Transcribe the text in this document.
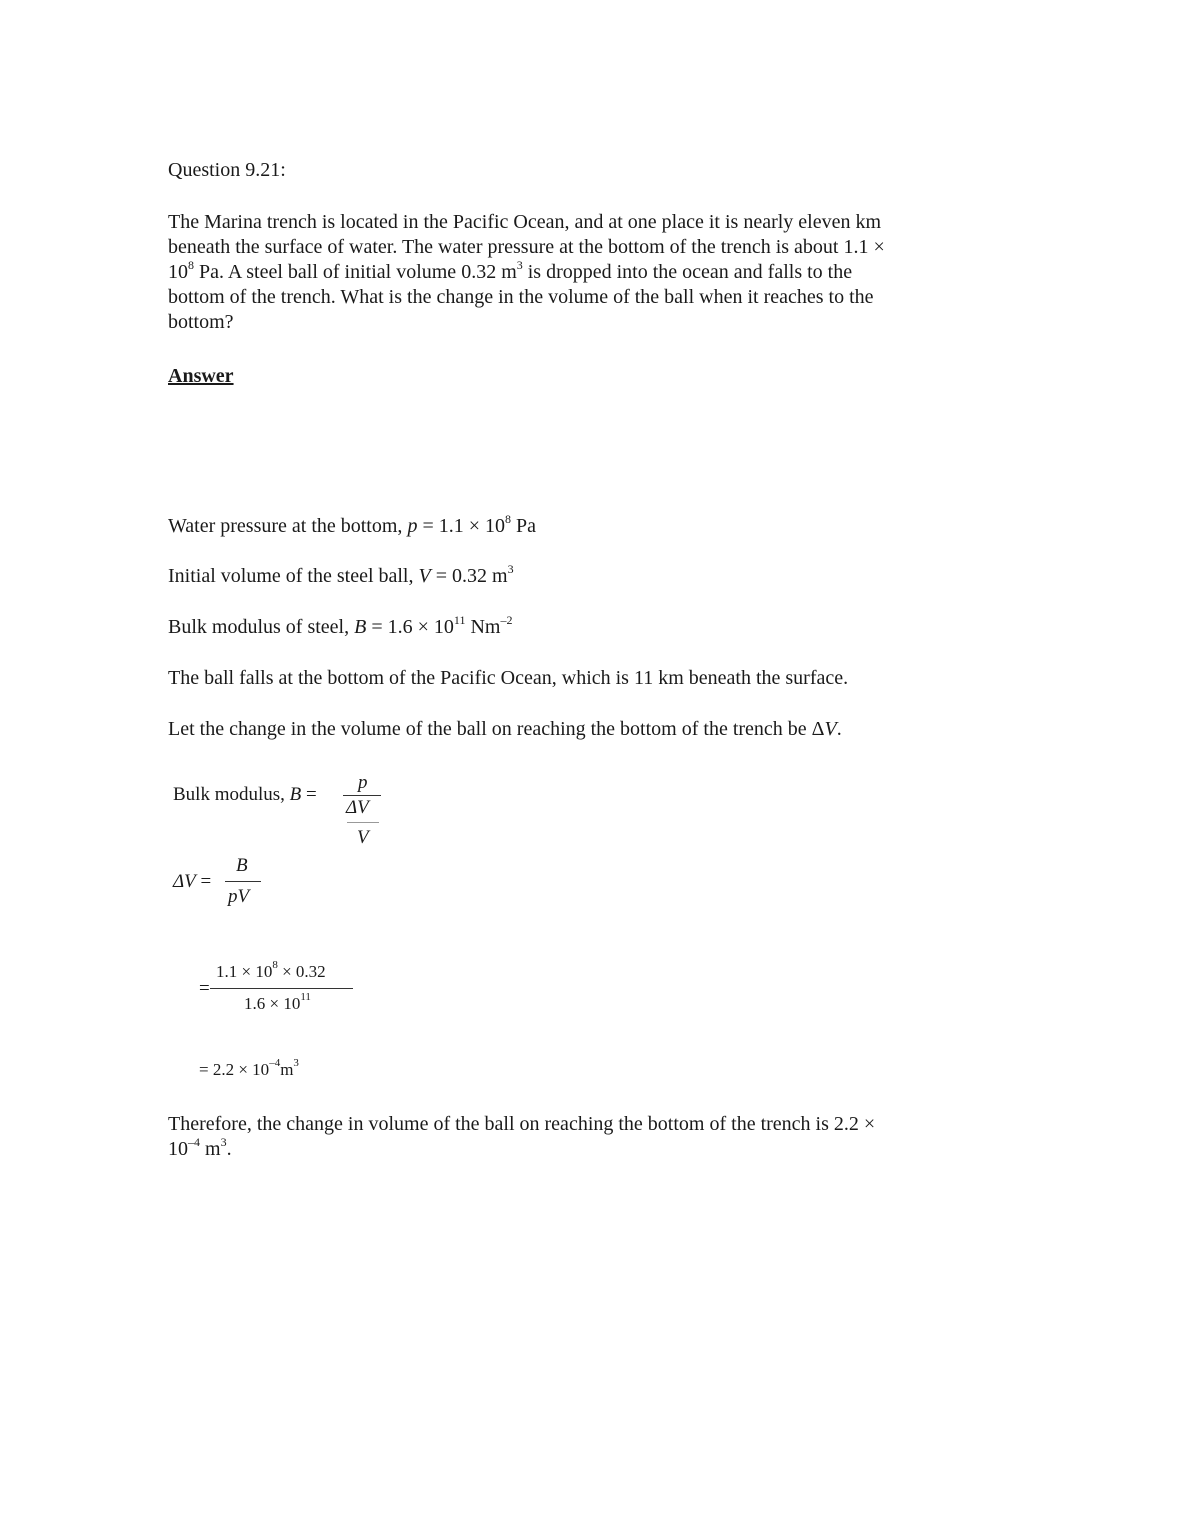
Question 9.21:
The Marina trench is located in the Pacific Ocean, and at one place it is nearly eleven km
beneath the surface of water. The water pressure at the bottom of the trench is about 1.1 ×
$10^8$ Pa. A steel ball of initial volume 0.32 $m^3$ is dropped into the ocean and falls to the
bottom of the trench. What is the change in the volume of the ball when it reaches to the
bottom?
Answer
Water pressure at the bottom, $p = 1.1 \times 10^8$ Pa
Initial volume of the steel ball, V = 0.32 $m^3$
Bulk modulus of steel, $B = 1.6 \times 10^{11}$ $Nm^{-2}$
The ball falls at the bottom of the Pacific Ocean, which is 11 km beneath the surface.
Let the change in the volume of the ball on reaching the bottom of the trench be ΔV.
Bulk modulus, B =
p
ΔV
V
ΔV =
B
pV
=
$1.1 \times 10^8 \times 0.32$
$1.6 \times 10^{11}$
= $2.2 \times 10^{-4}m^3$
Therefore, the change in volume of the ball on reaching the bottom of the trench is 2.2 ×
$10^{-4}$ $m^3$.
